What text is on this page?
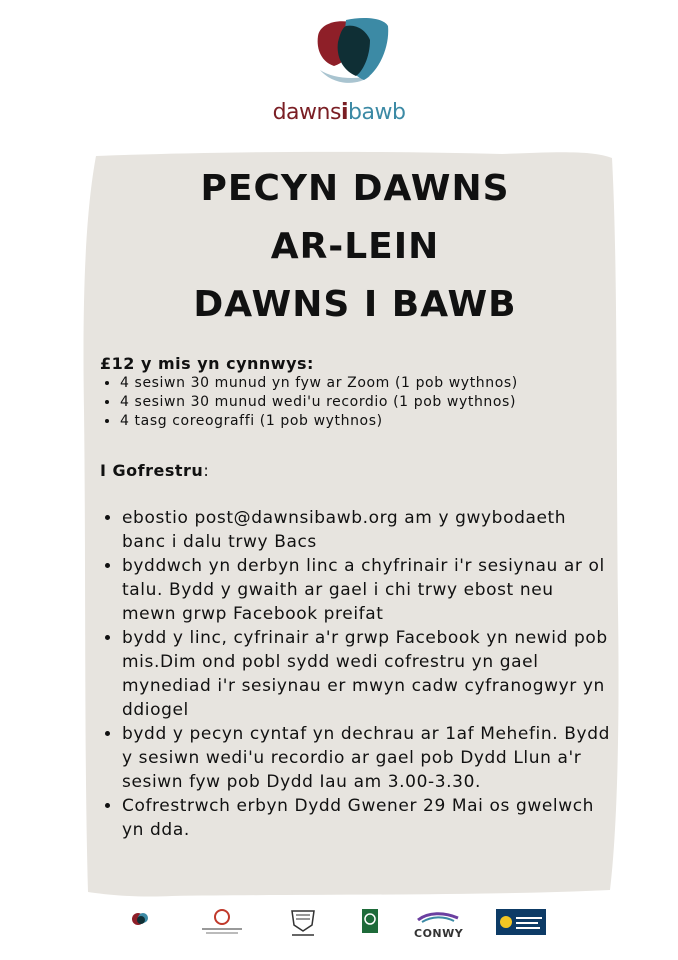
dawnsibawb
PECYN DAWNS
AR-LEIN
DAWNS I BAWB
£12 y mis yn cynnwys:
• 4 sesiwn 30 munud yn fyw ar Zoom (1 pob wythnos)
• 4 sesiwn 30 munud wedi'u recordio (1 pob wythnos)
• 4 tasg coreograffi (1 pob wythnos)
I Gofrestru:
• ebostio post@dawnsibawb.org am y gwybodaeth banc i dalu trwy Bacs
• byddwch yn derbyn linc a chyfrinair i'r sesiynau ar ol talu. Bydd y gwaith ar gael i chi trwy ebost neu mewn grwp Facebook preifat
• bydd y linc, cyfrinair a'r grwp Facebook yn newid pob mis.Dim ond pobl sydd wedi cofrestru yn gael mynediad i'r sesiynau er mwyn cadw cyfranogwyr yn ddiogel
• bydd y pecyn cyntaf yn dechrau ar 1af Mehefin. Bydd y sesiwn wedi'u recordio ar gael pob Dydd Llun a'r sesiwn fyw pob Dydd Iau am 3.00-3.30.
• Cofrestrwch erbyn Dydd Gwener 29 Mai os gwelwch yn dda.
CONWY
